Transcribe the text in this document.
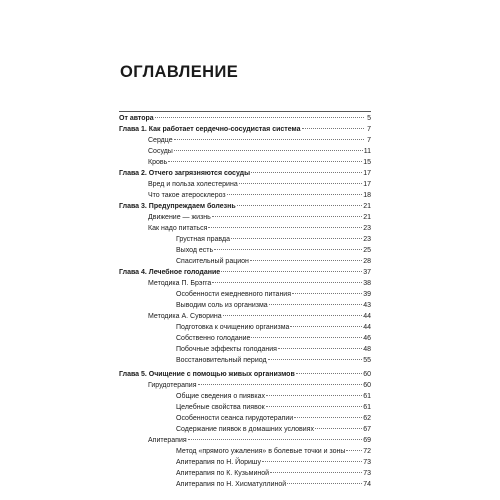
ОГЛАВЛЕНИЕ
От автора	5
Глава 1. Как работает сердечно-сосудистая система	7
Сердце	7
Сосуды	11
Кровь	15
Глава 2. Отчего загрязняются сосуды	17
Вред и польза холестерина	17
Что такое атеросклероз	18
Глава 3. Предупреждаем болезнь	21
Движение — жизнь	21
Как надо питаться	23
Грустная правда	23
Выход есть	25
Спасительный рацион	28
Глава 4. Лечебное голодание	37
Методика П. Брэгга	38
Особенности ежедневного питания	39
Выводим соль из организма	43
Методика А. Суворина	44
Подготовка к очищению организма	44
Собственно голодание	46
Побочные эффекты голодания	48
Восстановительный период	55
Глава 5. Очищение с помощью живых организмов	60
Гирудотерапия	60
Общие сведения о пиявках	61
Целебные свойства пиявок	61
Особенности сеанса гирудотерапии	62
Содержание пиявок в домашних условиях	67
Апитерапия	69
Метод «прямого ужаления» в болевые точки и зоны	72
Апитерапия по Н. Йоришу	73
Апитерапия по К. Кузьминой	73
Апитерапия по Н. Хисматуллиной	74
